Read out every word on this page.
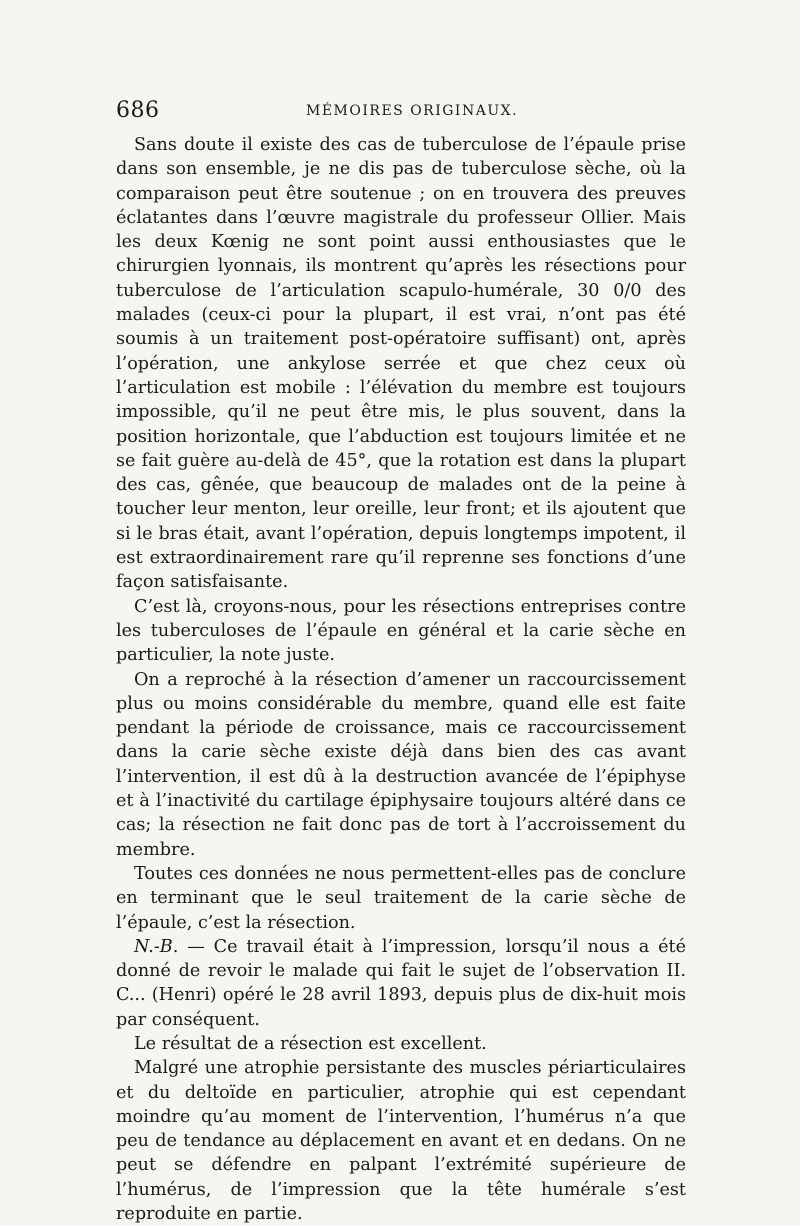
686	MÉMOIRES ORIGINAUX.

Sans doute il existe des cas de tuberculose de l’épaule prise dans son ensemble, je ne dis pas de tuberculose sèche, où la comparaison peut être soutenue ; on en trouvera des preuves éclatantes dans l’œuvre magistrale du professeur Ollier. Mais les deux Kœnig ne sont point aussi enthousiastes que le chirurgien lyonnais, ils montrent qu’après les résections pour tuberculose de l’articulation scapulo-humérale, 30 0/0 des malades (ceux-ci pour la plupart, il est vrai, n’ont pas été soumis à un traitement post-opératoire suffisant) ont, après l’opération, une ankylose serrée et que chez ceux où l’articulation est mobile : l’élévation du membre est toujours impossible, qu’il ne peut être mis, le plus souvent, dans la position horizontale, que l’abduction est toujours limitée et ne se fait guère au-delà de 45°, que la rotation est dans la plupart des cas, gênée, que beaucoup de malades ont de la peine à toucher leur menton, leur oreille, leur front; et ils ajoutent que si le bras était, avant l’opération, depuis longtemps impotent, il est extraordinairement rare qu’il reprenne ses fonctions d’une façon satisfaisante.

C’est là, croyons-nous, pour les résections entreprises contre les tuberculoses de l’épaule en général et la carie sèche en particulier, la note juste.

On a reproché à la résection d’amener un raccourcissement plus ou moins considérable du membre, quand elle est faite pendant la période de croissance, mais ce raccourcissement dans la carie sèche existe déjà dans bien des cas avant l’intervention, il est dû à la destruction avancée de l’épiphyse et à l’inactivité du cartilage épiphysaire toujours altéré dans ce cas; la résection ne fait donc pas de tort à l’accroissement du membre.

Toutes ces données ne nous permettent-elles pas de conclure en terminant que le seul traitement de la carie sèche de l’épaule, c’est la résection.

N.-B. — Ce travail était à l’impression, lorsqu’il nous a été donné de revoir le malade qui fait le sujet de l’observation II. C... (Henri) opéré le 28 avril 1893, depuis plus de dix-huit mois par conséquent.

Le résultat de a résection est excellent.

Malgré une atrophie persistante des muscles périarticulaires et du deltoïde en particulier, atrophie qui est cependant moindre qu’au moment de l’intervention, l’humérus n’a que peu de tendance au déplacement en avant et en dedans. On ne peut se défendre en palpant l’extrémité supérieure de l’humérus, de l’impression que la tête humérale s’est reproduite en partie.
